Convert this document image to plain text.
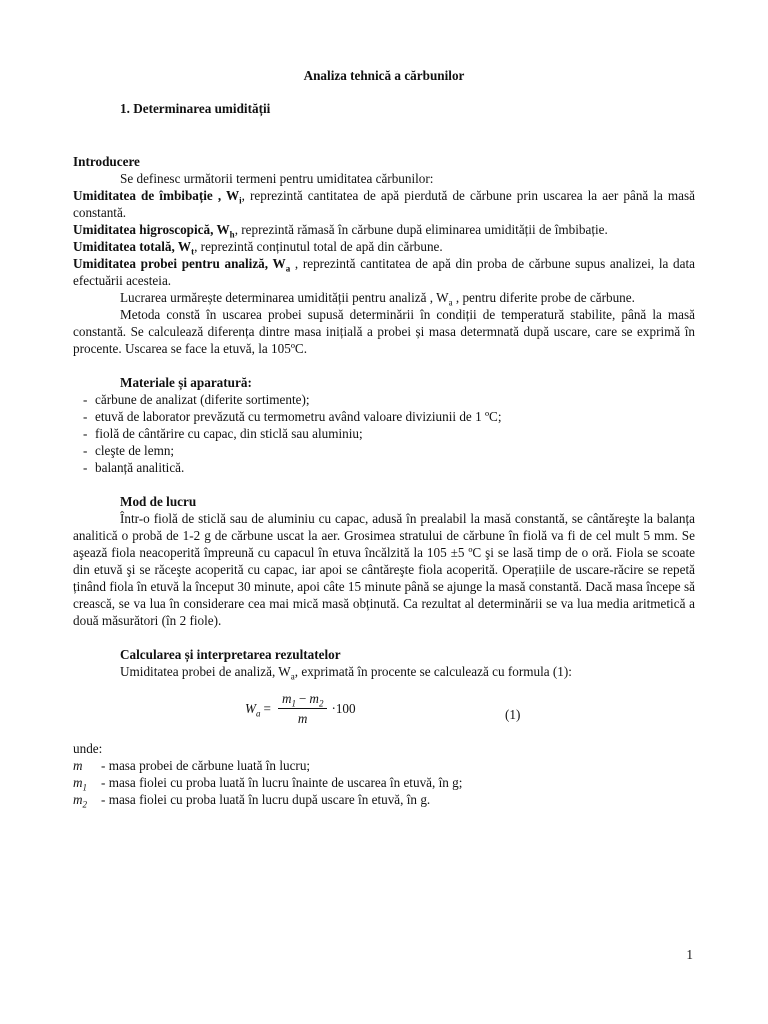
Analiza tehnică a cărbunilor
1. Determinarea umidității
Introducere

Se definesc următorii termeni pentru umiditatea cărbunilor:

Umiditatea de îmbibație , $W_i$, reprezintă cantitatea de apă pierdută de cărbune prin uscarea la aer până la masă constantă.

Umiditatea higroscopică, $W_h$, reprezintă rămasă în cărbune după eliminarea umidității de îmbibație.

Umiditatea totală, $W_t$, reprezintă conținutul total de apă din cărbune.

Umiditatea probei pentru analiză, $W_a$ , reprezintă cantitatea de apă din proba de cărbune supus analizei, la data efectuării acesteia.

Lucrarea urmărește determinarea umidității pentru analiză , $W_a$ , pentru diferite probe de cărbune.

Metoda constă în uscarea probei supusă determinării în condiții de temperatură stabilite, până la masă constantă. Se calculează diferența dintre masa inițială a probei și masa determnată după uscare, care se exprimă în procente. Uscarea se face la etuvă, la 105ºC.

Materiale și aparatură:
- cărbune de analizat (diferite sortimente);
- etuvă de laborator prevăzută cu termometru având valoare diviziunii de 1 ºC;
- fiolă de cântărire cu capac, din sticlă sau aluminiu;
- cleşte de lemn;
- balanță analitică.
Mod de lucru

Într-o fiolă de sticlă sau de aluminiu cu capac, adusă în prealabil la masă constantă, se cântăreşte la balanța analitică o probă de 1-2 g de cărbune uscat la aer. Grosimea stratului de cărbune în fiolă va fi de cel mult 5 mm. Se aşează fiola neacoperită împreună cu capacul în etuva încălzită la 105 ±5 ºC şi se lasă timp de o oră. Fiola se scoate din etuvă şi se răceşte acoperită cu capac, iar apoi se cântăreşte fiola acoperită. Operațiile de uscare-răcire se repetă ținând fiola în etuvă la început 30 minute, apoi câte 15 minute până se ajunge la masă constantă. Dacă masa începe să crească, se va lua în considerare cea mai mică masă obținută. Ca rezultat al determinării se va lua media aritmetică a două măsurători (în 2 fiole).

Calcularea și interpretarea rezultatelor

Umiditatea probei de analiză, $W_a$, exprimată în procente se calculează cu formula (1):

$W_a = \frac{m_1 - m_2}{m} \cdot 100$	(1)
unde:
m - masa probei de cărbune luată în lucru;
$m_1$ - masa fiolei cu proba luată în lucru înainte de uscarea în etuvă, în g;
$m_2$ - masa fiolei cu proba luată în lucru după uscare în etuvă, în g.
1
